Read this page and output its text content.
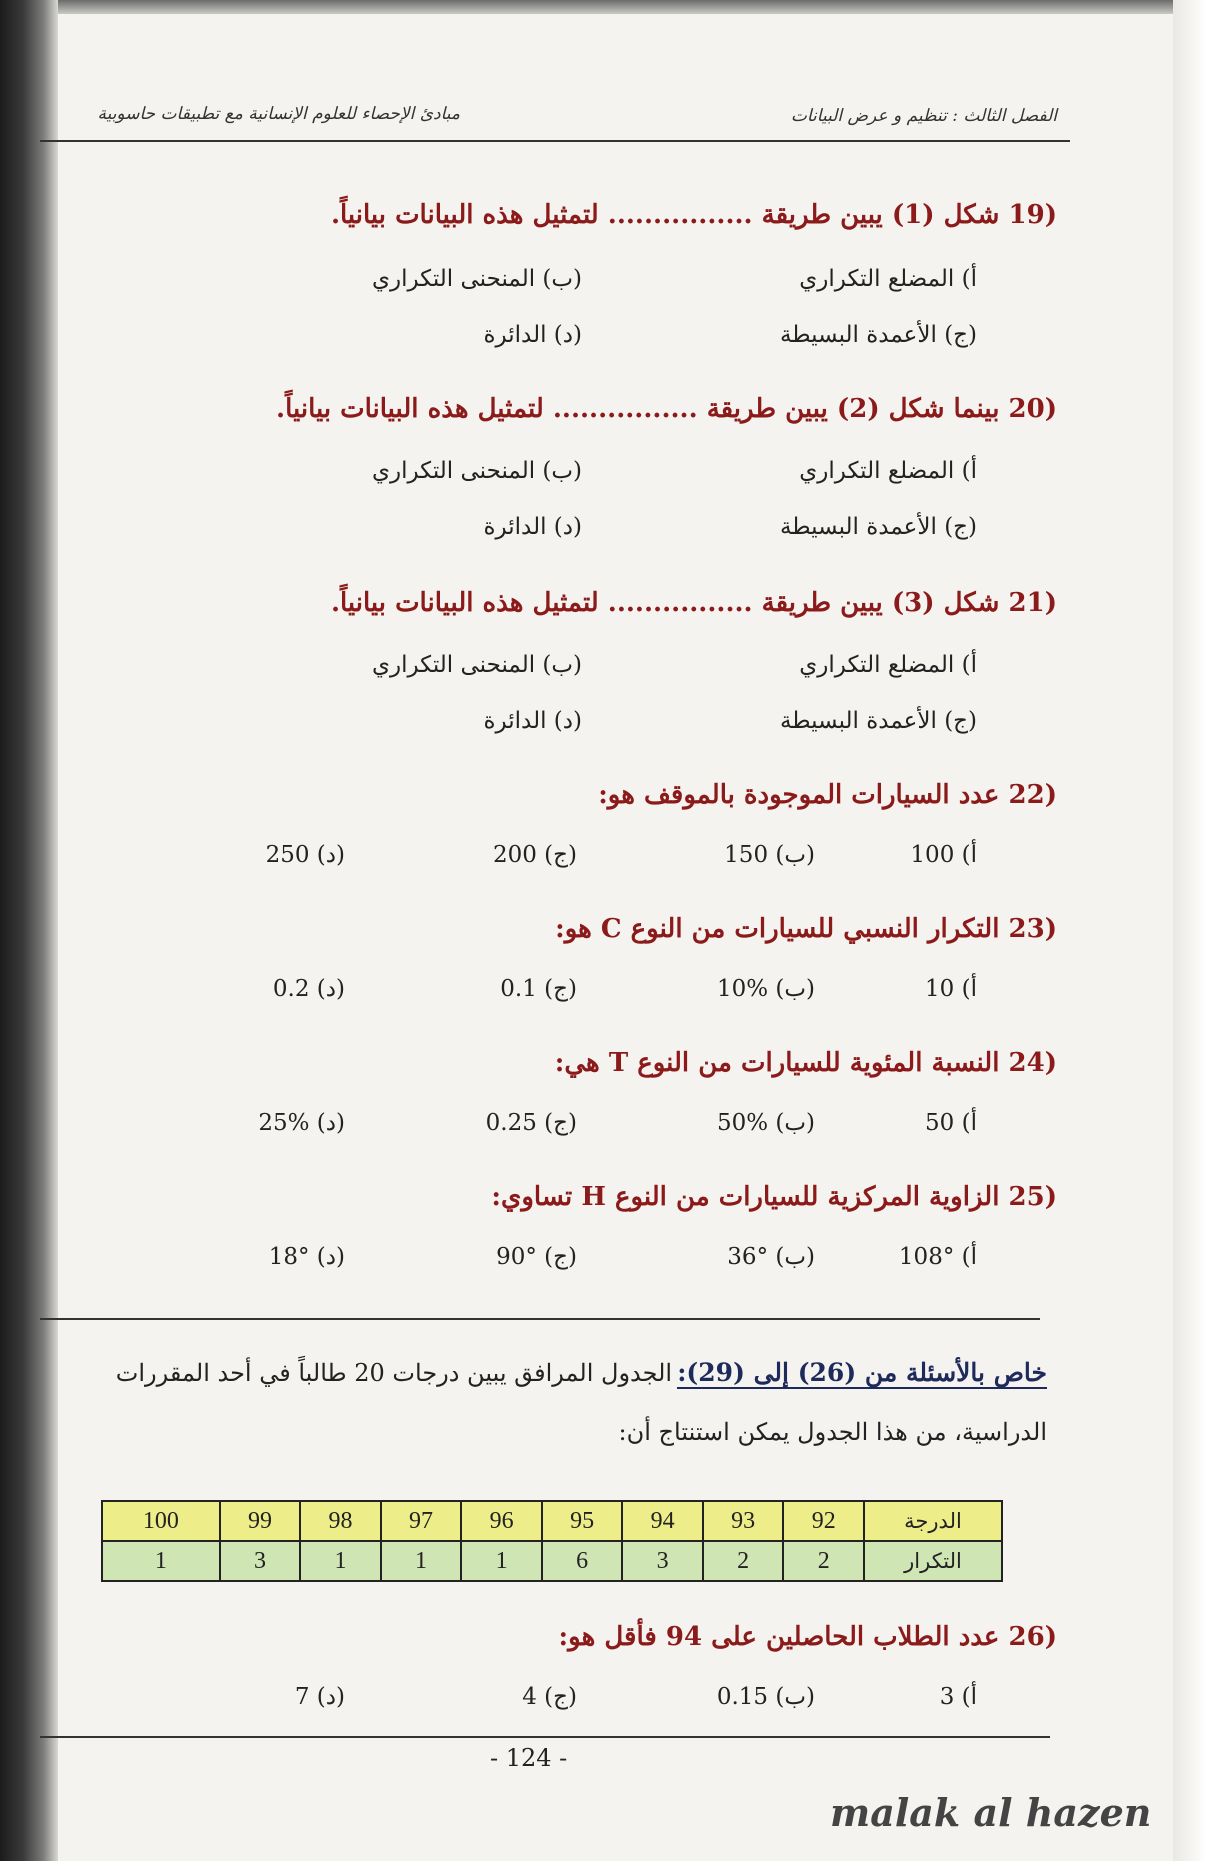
الفصل الثالث : تنظيم و عرض البيانات
مبادئ الإحصاء للعلوم الإنسانية مع تطبيقات حاسوبية
(19 شكل (1) يبين طريقة ................ لتمثيل هذه البيانات بيانياً.
أ) المضلع التكراري
(ب) المنحنى التكراري
(ج) الأعمدة البسيطة
(د) الدائرة
(20 بينما شكل (2) يبين طريقة ................ لتمثيل هذه البيانات بيانياً.
أ) المضلع التكراري
(ب) المنحنى التكراري
(ج) الأعمدة البسيطة
(د) الدائرة
(21 شكل (3) يبين طريقة ................ لتمثيل هذه البيانات بيانياً.
أ) المضلع التكراري
(ب) المنحنى التكراري
(ج) الأعمدة البسيطة
(د) الدائرة
(22 عدد السيارات الموجودة بالموقف هو:
100 (أ
150 (ب)
200 (ج)
250 (د)
(23 التكرار النسبي للسيارات من النوع C هو:
10 (أ
10% (ب)
0.1 (ج)
0.2 (د)
(24 النسبة المئوية للسيارات من النوع T هي:
50 (أ
50% (ب)
0.25 (ج)
25% (د)
(25 الزاوية المركزية للسيارات من النوع H تساوي:
108° (أ
36° (ب)
90° (ج)
18° (د)
خاص بالأسئلة من (26) إلى (29): الجدول المرافق يبين درجات 20 طالباً في أحد المقررات
الدراسية، من هذا الجدول يمكن استنتاج أن:
100	99	98	97	96	95	94	93	92	الدرجة
1	3	1	1	1	6	3	2	2	التكرار
(26 عدد الطلاب الحاصلين على 94 فأقل هو:
3 (أ
0.15 (ب)
4 (ج)
7 (د)
- 124 -
malak al hazen
